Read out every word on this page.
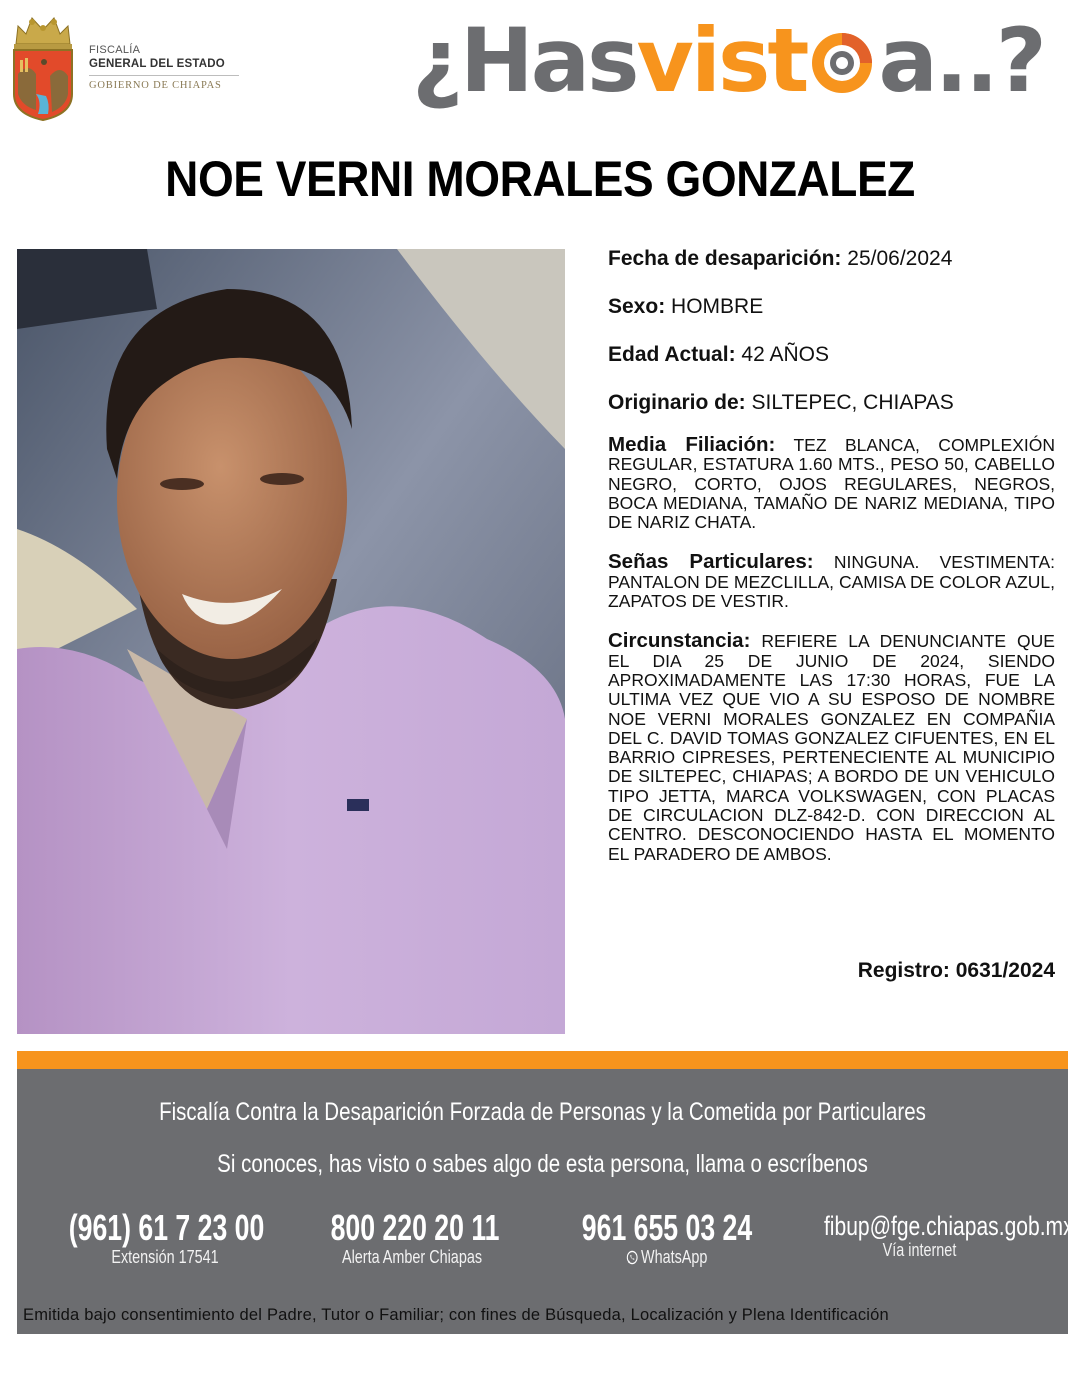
FISCALÍA
GENERAL DEL ESTADO
GOBIERNO DE CHIAPAS ¿Hasvist a..?
NOE VERNI MORALES GONZALEZ
Fecha de desaparición: 25/06/2024
Sexo: HOMBRE
Edad Actual: 42 AÑOS
Originario de: SILTEPEC, CHIAPAS
Media Filiación: TEZ BLANCA, COMPLEXIÓN REGULAR, ESTATURA 1.60 MTS., PESO 50, CABELLO NEGRO, CORTO, OJOS REGULARES, NEGROS, BOCA MEDIANA, TAMAÑO DE NARIZ MEDIANA, TIPO DE NARIZ CHATA.
Señas Particulares: NINGUNA. VESTIMENTA: PANTALON DE MEZCLILLA, CAMISA DE COLOR AZUL, ZAPATOS DE VESTIR.
Circunstancia: REFIERE LA DENUNCIANTE QUE EL DIA 25 DE JUNIO DE 2024, SIENDO APROXIMADAMENTE LAS 17:30 HORAS, FUE LA ULTIMA VEZ QUE VIO A SU ESPOSO DE NOMBRE NOE VERNI MORALES GONZALEZ EN COMPAÑIA DEL C. DAVID TOMAS GONZALEZ CIFUENTES, EN EL BARRIO CIPRESES, PERTENECIENTE AL MUNICIPIO DE SILTEPEC, CHIAPAS; A BORDO DE UN VEHICULO TIPO JETTA, MARCA VOLKSWAGEN, CON PLACAS DE CIRCULACION DLZ-842-D. CON DIRECCION AL CENTRO. DESCONOCIENDO HASTA EL MOMENTO EL PARADERO DE AMBOS.
Registro: 0631/2024
Fiscalía Contra la Desaparición Forzada de Personas y la Cometida por Particulares
Si conoces, has visto o sabes algo de esta persona, llama o escríbenos
(961) 61 7 23 00
Extensión 17541
800 220 20 11
Alerta Amber Chiapas
961 655 03 24
WhatsApp
fibup@fge.chiapas.gob.mx
Vía internet
Emitida bajo consentimiento del Padre, Tutor o Familiar; con fines de Búsqueda, Localización y Plena Identificación
